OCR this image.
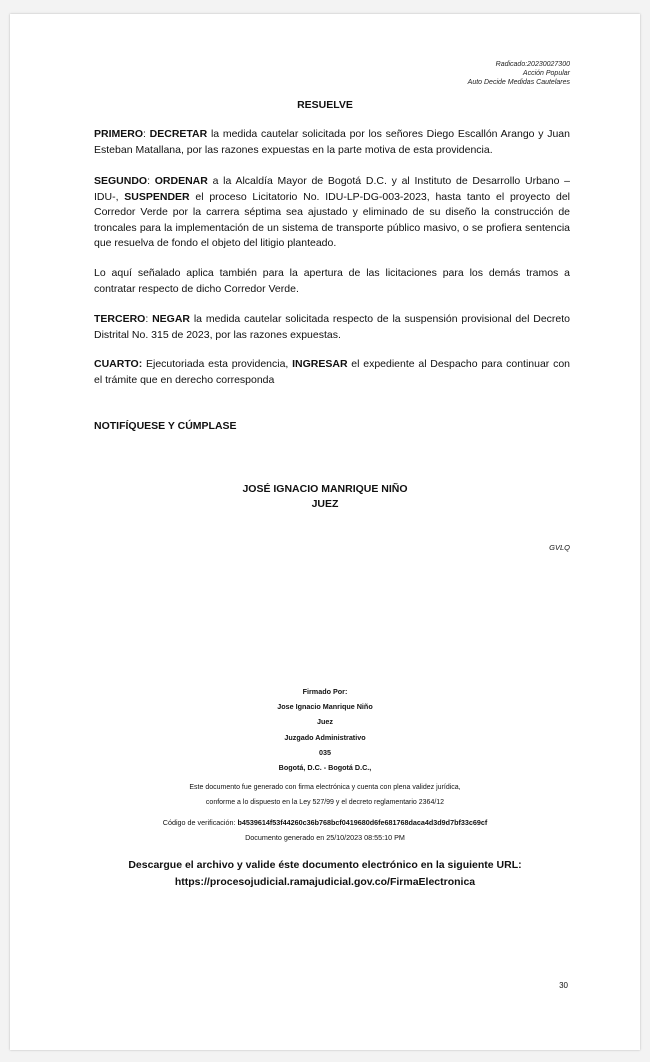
Radicado:20230027300
Acción Popular
Auto Decide Medidas Cautelares
RESUELVE
PRIMERO: DECRETAR la medida cautelar solicitada por los señores Diego Escallón Arango y Juan Esteban Matallana, por las razones expuestas en la parte motiva de esta providencia.
SEGUNDO: ORDENAR a la Alcaldía Mayor de Bogotá D.C. y al Instituto de Desarrollo Urbano – IDU-, SUSPENDER el proceso Licitatorio No. IDU-LP-DG-003-2023, hasta tanto el proyecto del Corredor Verde por la carrera séptima sea ajustado y eliminado de su diseño la construcción de troncales para la implementación de un sistema de transporte público masivo, o se profiera sentencia que resuelva de fondo el objeto del litigio planteado.
Lo aquí señalado aplica también para la apertura de las licitaciones para los demás tramos a contratar respecto de dicho Corredor Verde.
TERCERO: NEGAR la medida cautelar solicitada respecto de la suspensión provisional del Decreto Distrital No. 315 de 2023, por las razones expuestas.
CUARTO: Ejecutoriada esta providencia, INGRESAR el expediente al Despacho para continuar con el trámite que en derecho corresponda
NOTIFÍQUESE Y CÚMPLASE
JOSÉ IGNACIO MANRIQUE NIÑO
JUEZ
GVLQ
Firmado Por:
Jose Ignacio Manrique Niño
Juez
Juzgado Administrativo
035
Bogotá, D.C. - Bogotá D.C.,
Este documento fue generado con firma electrónica y cuenta con plena validez jurídica,
conforme a lo dispuesto en la Ley 527/99 y el decreto reglamentario 2364/12
Código de verificación: b4539614f53f44260c36b768bcf0419680d6fe681768daca4d3d9d7bf33c69cf
Documento generado en 25/10/2023 08:55:10 PM
Descargue el archivo y valide éste documento electrónico en la siguiente URL:
https://procesojudicial.ramajudicial.gov.co/FirmaElectronica
30
